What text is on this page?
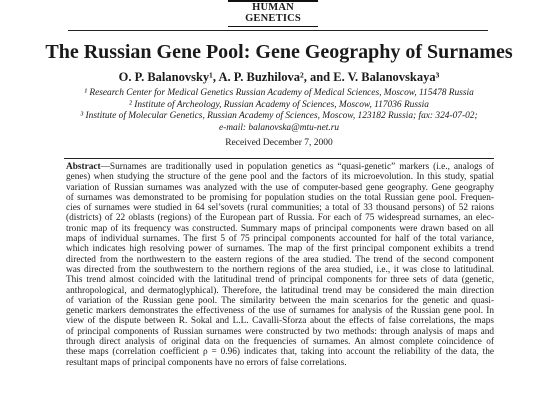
HUMAN
GENETICS
The Russian Gene Pool: Gene Geography of Surnames
O. P. Balanovsky¹, A. P. Buzhilova², and E. V. Balanovskaya³
¹ Research Center for Medical Genetics Russian Academy of Medical Sciences, Moscow, 115478 Russia
² Institute of Archeology, Russian Academy of Sciences, Moscow, 117036 Russia
³ Institute of Molecular Genetics, Russian Academy of Sciences, Moscow, 123182 Russia; fax: 324-07-02;
e-mail: balanovska@mtu-net.ru
Received December 7, 2000
Abstract—Surnames are traditionally used in population genetics as “quasi-genetic” markers (i.e., analogs of
genes) when studying the structure of the gene pool and the factors of its microevolution. In this study, spatial
variation of Russian surnames was analyzed with the use of computer-based gene geography. Gene geography
of surnames was demonstrated to be promising for population studies on the total Russian gene pool. Frequen-
cies of surnames were studied in 64 sel’sovets (rural communities; a total of 33 thousand persons) of 52 raions
(districts) of 22 oblasts (regions) of the European part of Russia. For each of 75 widespread surnames, an elec-
tronic map of its frequency was constructed. Summary maps of principal components were drawn based on all
maps of individual surnames. The first 5 of 75 principal components accounted for half of the total variance,
which indicates high resolving power of surnames. The map of the first principal component exhibits a trend
directed from the northwestern to the eastern regions of the area studied. The trend of the second component
was directed from the southwestern to the northern regions of the area studied, i.e., it was close to latitudinal.
This trend almost coincided with the latitudinal trend of principal components for three sets of data (genetic,
anthropological, and dermatoglyphical). Therefore, the latitudinal trend may be considered the main direction
of variation of the Russian gene pool. The similarity between the main scenarios for the genetic and quasi-
genetic markers demonstrates the effectiveness of the use of surnames for analysis of the Russian gene pool. In
view of the dispute between R. Sokal and L.L. Cavalli-Sforza about the effects of false correlations, the maps
of principal components of Russian surnames were constructed by two methods: through analysis of maps and
through direct analysis of original data on the frequencies of surnames. An almost complete coincidence of
these maps (correlation coefficient ρ = 0.96) indicates that, taking into account the reliability of the data, the
resultant maps of principal components have no errors of false correlations.
